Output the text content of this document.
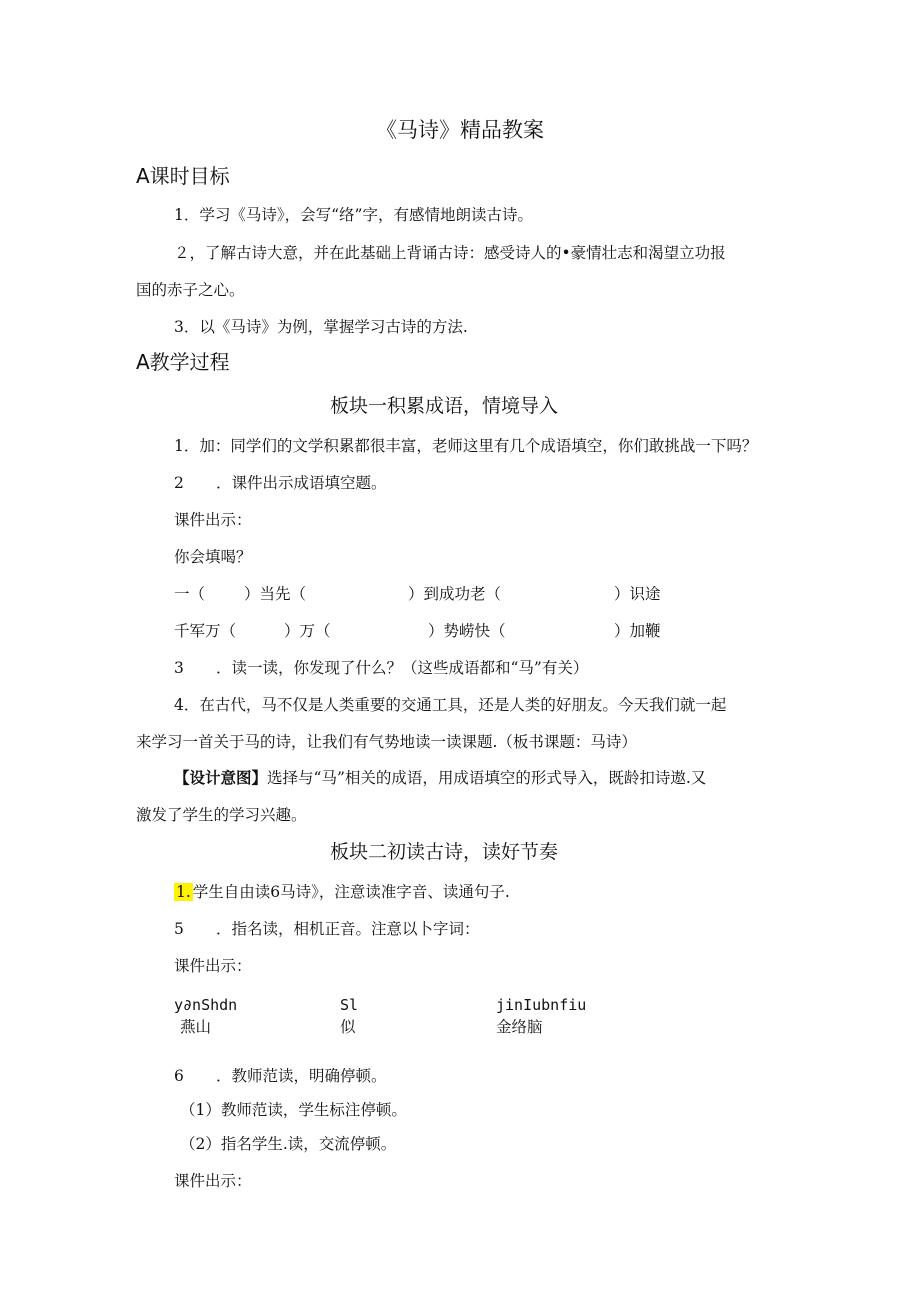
《马诗》精品教案
A课时目标
1．学习《马诗》，会写“络”字，有感情地朗读古诗。
２，了解古诗大意，并在此基础上背诵古诗：感受诗人的•豪情壮志和渴望立功报
国的赤子之心。
3．以《马诗》为例，掌握学习古诗的方法.
A教学过程
板块一积累成语，情境导入
1．加：同学们的文学积累都很丰富，老师这里有几个成语填空，你们敢挑战一下吗？
2 ．课件出示成语填空题。
课件出示：
你会填喝？
一（	）当先（	）到成功老（	）识途
千军万（	）万（	）势崂快（	）加鞭
3 ．读一读，你发现了什么？（这些成语都和“马”有关）
4．在古代，马不仅是人类重要的交通工具，还是人类的好朋友。今天我们就一起
来学习一首关于马的诗，让我们有气势地读一读课题.（板书课题：马诗）
【设计意图】选择与“马”相关的成语，用成语填空的形式导入，既龄扣诗遨.又
激发了学生的学习兴趣。
板块二初读古诗，读好节奏
1. 学生自由读6马诗》，注意读准字音、读通句子.
5 ．指名读，相机正音。注意以卜字词：
课件出示：
y∂nShdn	Sl	jinIubnfiu
燕山	似	金络脑
6 ．教师范读，明确停顿。
（1）教师范读，学生标注停顿。
（2）指名学生.读，交流停顿。
课件出示：
